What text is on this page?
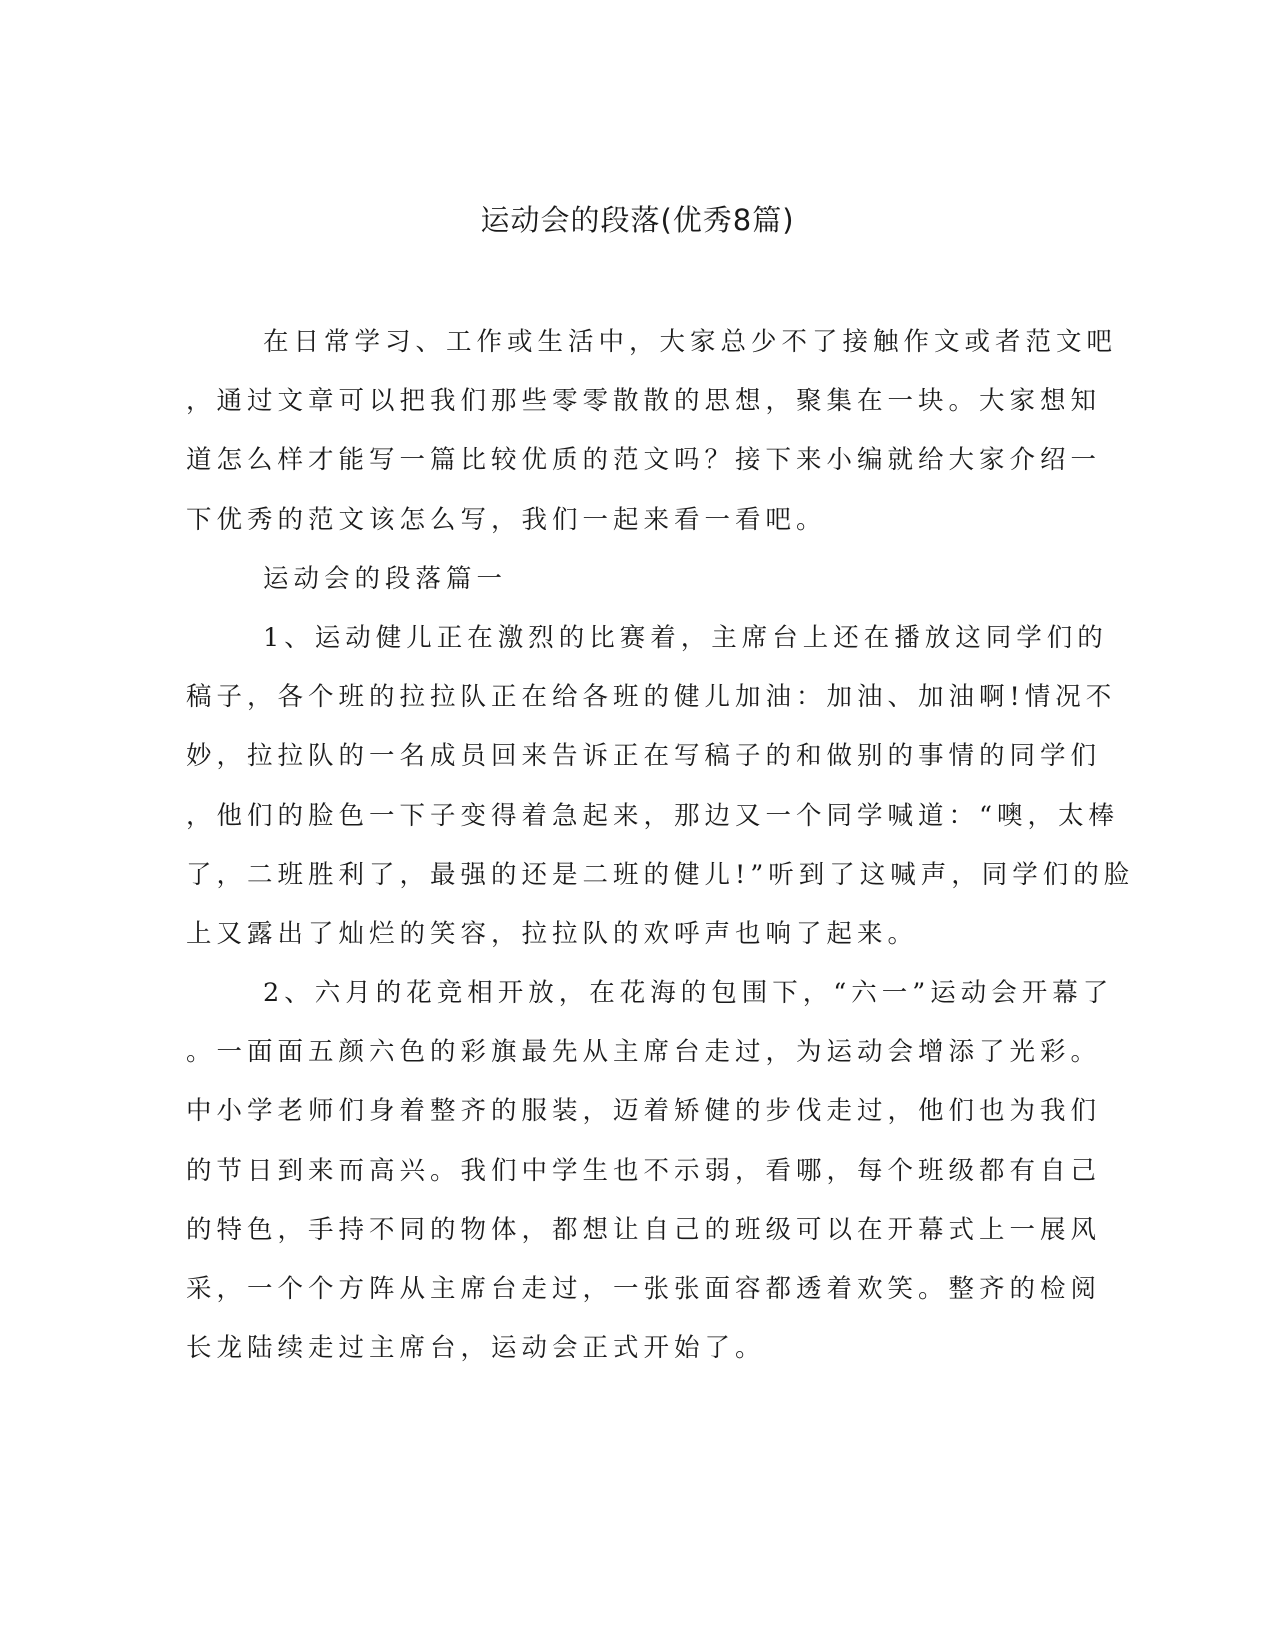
运动会的段落(优秀8篇)
在日常学习、工作或生活中，大家总少不了接触作文或者范文吧
，通过文章可以把我们那些零零散散的思想，聚集在一块。大家想知
道怎么样才能写一篇比较优质的范文吗？接下来小编就给大家介绍一
下优秀的范文该怎么写，我们一起来看一看吧。
运动会的段落篇一
1、运动健儿正在激烈的比赛着，主席台上还在播放这同学们的
稿子，各个班的拉拉队正在给各班的健儿加油：加油、加油啊!情况不
妙，拉拉队的一名成员回来告诉正在写稿子的和做别的事情的同学们
，他们的脸色一下子变得着急起来，那边又一个同学喊道：“噢，太棒
了，二班胜利了，最强的还是二班的健儿!”听到了这喊声，同学们的脸
上又露出了灿烂的笑容，拉拉队的欢呼声也响了起来。
2、六月的花竞相开放，在花海的包围下，“六一”运动会开幕了
。一面面五颜六色的彩旗最先从主席台走过，为运动会增添了光彩。
中小学老师们身着整齐的服装，迈着矫健的步伐走过，他们也为我们
的节日到来而高兴。我们中学生也不示弱，看哪，每个班级都有自己
的特色，手持不同的物体，都想让自己的班级可以在开幕式上一展风
采，一个个方阵从主席台走过，一张张面容都透着欢笑。整齐的检阅
长龙陆续走过主席台，运动会正式开始了。
